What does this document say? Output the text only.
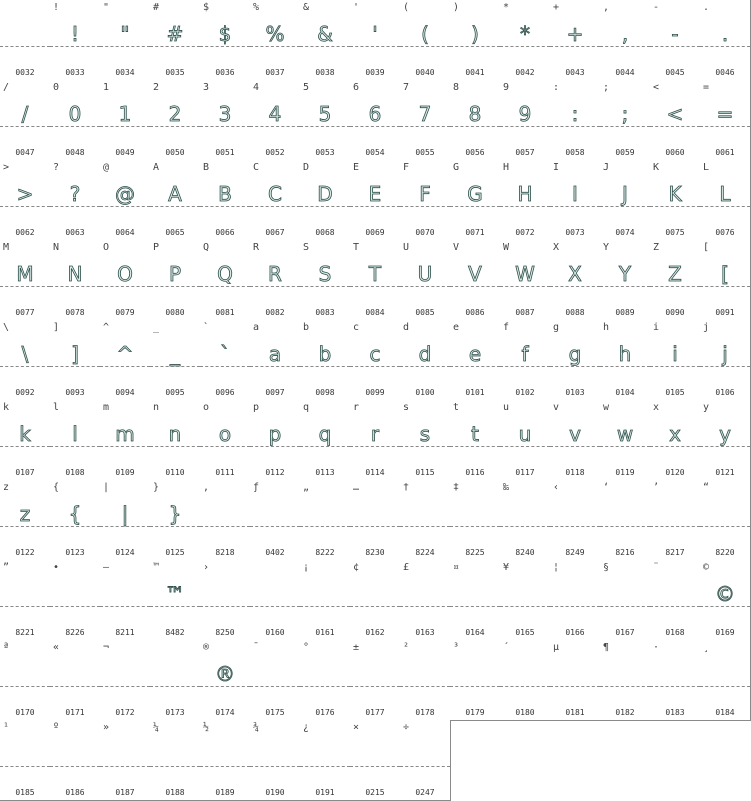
0032
!
!
0033
"
"
0034
#
#
0035
$
$
0036
%
%
0037
&
&
0038
'
'
0039
(
(
0040
)
)
0041
*
*
0042
+
+
0043
,
,
0044
-
-
0045
.
.
0046
/
/
0047
0
0
0048
1
1
0049
2
2
0050
3
3
0051
4
4
0052
5
5
0053
6
6
0054
7
7
0055
8
8
0056
9
9
0057
:
:
0058
;
;
0059
<
<
0060
=
=
0061
>
>
0062
?
?
0063
@
@
0064
A
A
0065
B
B
0066
C
C
0067
D
D
0068
E
E
0069
F
F
0070
G
G
0071
H
H
0072
I
I
0073
J
J
0074
K
K
0075
L
L
0076
M
M
0077
N
N
0078
O
O
0079
P
P
0080
Q
Q
0081
R
R
0082
S
S
0083
T
T
0084
U
U
0085
V
V
0086
W
W
0087
X
X
0088
Y
Y
0089
Z
Z
0090
[
[
0091
\
\
0092
]
]
0093
^
^
0094
_
_
0095
`
`
0096
a
a
0097
b
b
0098
c
c
0099
d
d
0100
e
e
0101
f
f
0102
g
g
0103
h
h
0104
i
i
0105
j
j
0106
k
k
0107
l
l
0108
m
m
0109
n
n
0110
o
o
0111
p
p
0112
q
q
0113
r
r
0114
s
s
0115
t
t
0116
u
u
0117
v
v
0118
w
w
0119
x
x
0120
y
y
0121
z
z
0122
{
{
0123
|
|
0124
}
}
0125
‚
8218
ƒ
0402
„
8222
…
8230
†
8224
‡
8225
‰
8240
‹
8249
‘
8216
’
8217
“
8220
”
8221
•
8226
–
8211
™
™
8482
›
8250	0160
¡
0161
¢
0162
£
0163
¤
0164
¥
0165
¦
0166
§
0167
¨
0168
©
©
0169
ª
0170
«
0171
¬
0172	0173
®
®
0174
¯
0175
°
0176
±
0177
²
0178
³
0179
´
0180
µ
0181
¶
0182
·
0183
¸
0184
¹
0185
º
0186
»
0187
¼
0188
½
0189
¾
0190
¿
0191
×
0215
÷
0247
